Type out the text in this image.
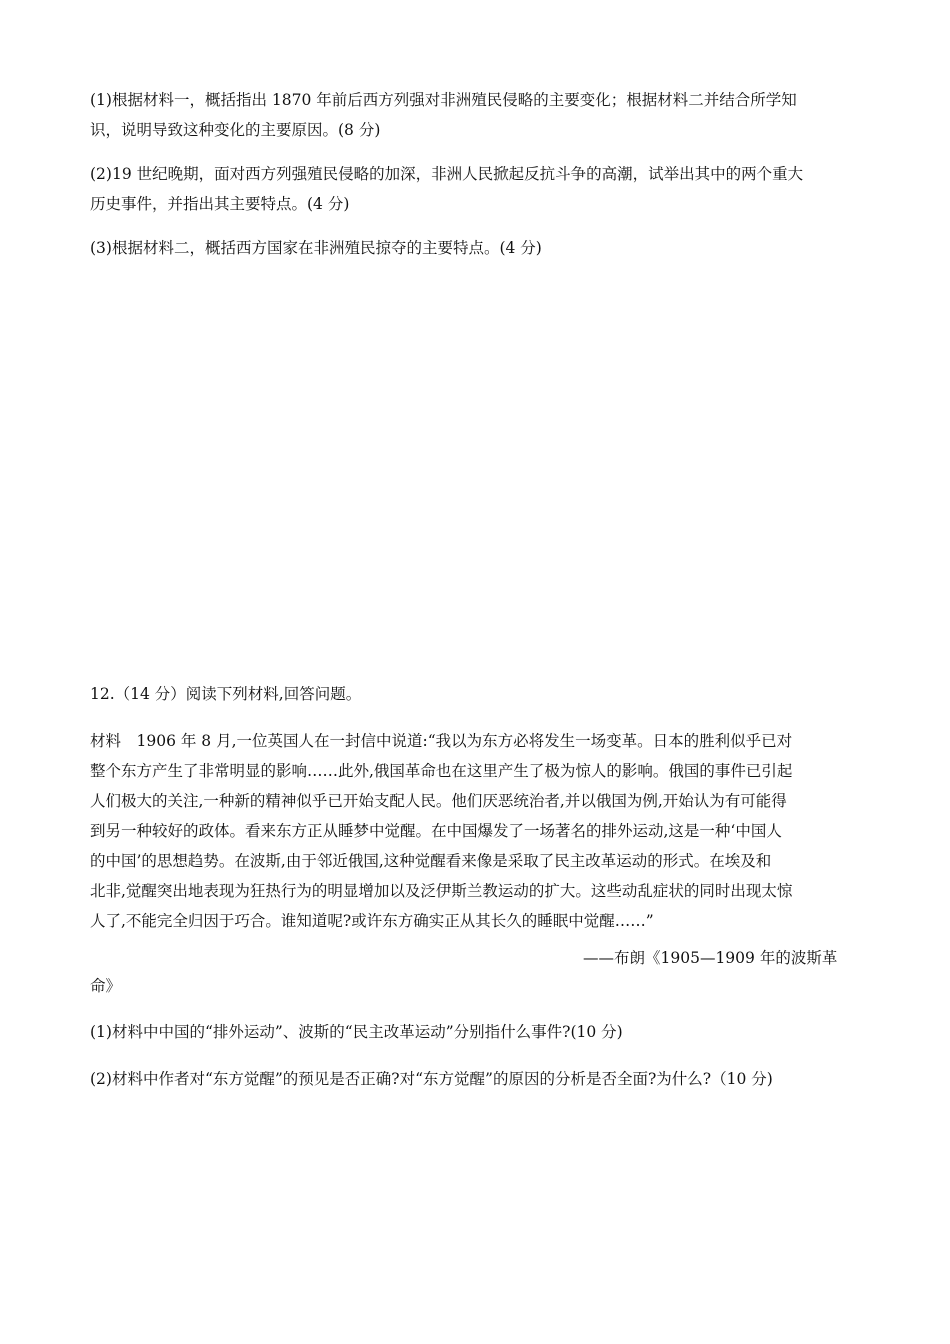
(1)根据材料一，概括指出 1870 年前后西方列强对非洲殖民侵略的主要变化；根据材料二并结合所学知
识，说明导致这种变化的主要原因。(8 分)
(2)19 世纪晚期，面对西方列强殖民侵略的加深，非洲人民掀起反抗斗争的高潮，试举出其中的两个重大
历史事件，并指出其主要特点。(4 分)
(3)根据材料二，概括西方国家在非洲殖民掠夺的主要特点。(4 分)
12.（14 分）阅读下列材料,回答问题。
材料　1906 年 8 月,一位英国人在一封信中说道:“我以为东方必将发生一场变革。日本的胜利似乎已对
整个东方产生了非常明显的影响……此外,俄国革命也在这里产生了极为惊人的影响。俄国的事件已引起
人们极大的关注,一种新的精神似乎已开始支配人民。他们厌恶统治者,并以俄国为例,开始认为有可能得
到另一种较好的政体。看来东方正从睡梦中觉醒。在中国爆发了一场著名的排外运动,这是一种‘中国人
的中国’的思想趋势。在波斯,由于邻近俄国,这种觉醒看来像是采取了民主改革运动的形式。在埃及和
北非,觉醒突出地表现为狂热行为的明显增加以及泛伊斯兰教运动的扩大。这些动乱症状的同时出现太惊
人了,不能完全归因于巧合。谁知道呢?或许东方确实正从其长久的睡眠中觉醒……”
——布朗《1905—1909 年的波斯革
命》
(1)材料中中国的“排外运动”、波斯的“民主改革运动”分别指什么事件?(10 分)
(2)材料中作者对“东方觉醒”的预见是否正确?对“东方觉醒”的原因的分析是否全面?为什么?（10 分)
